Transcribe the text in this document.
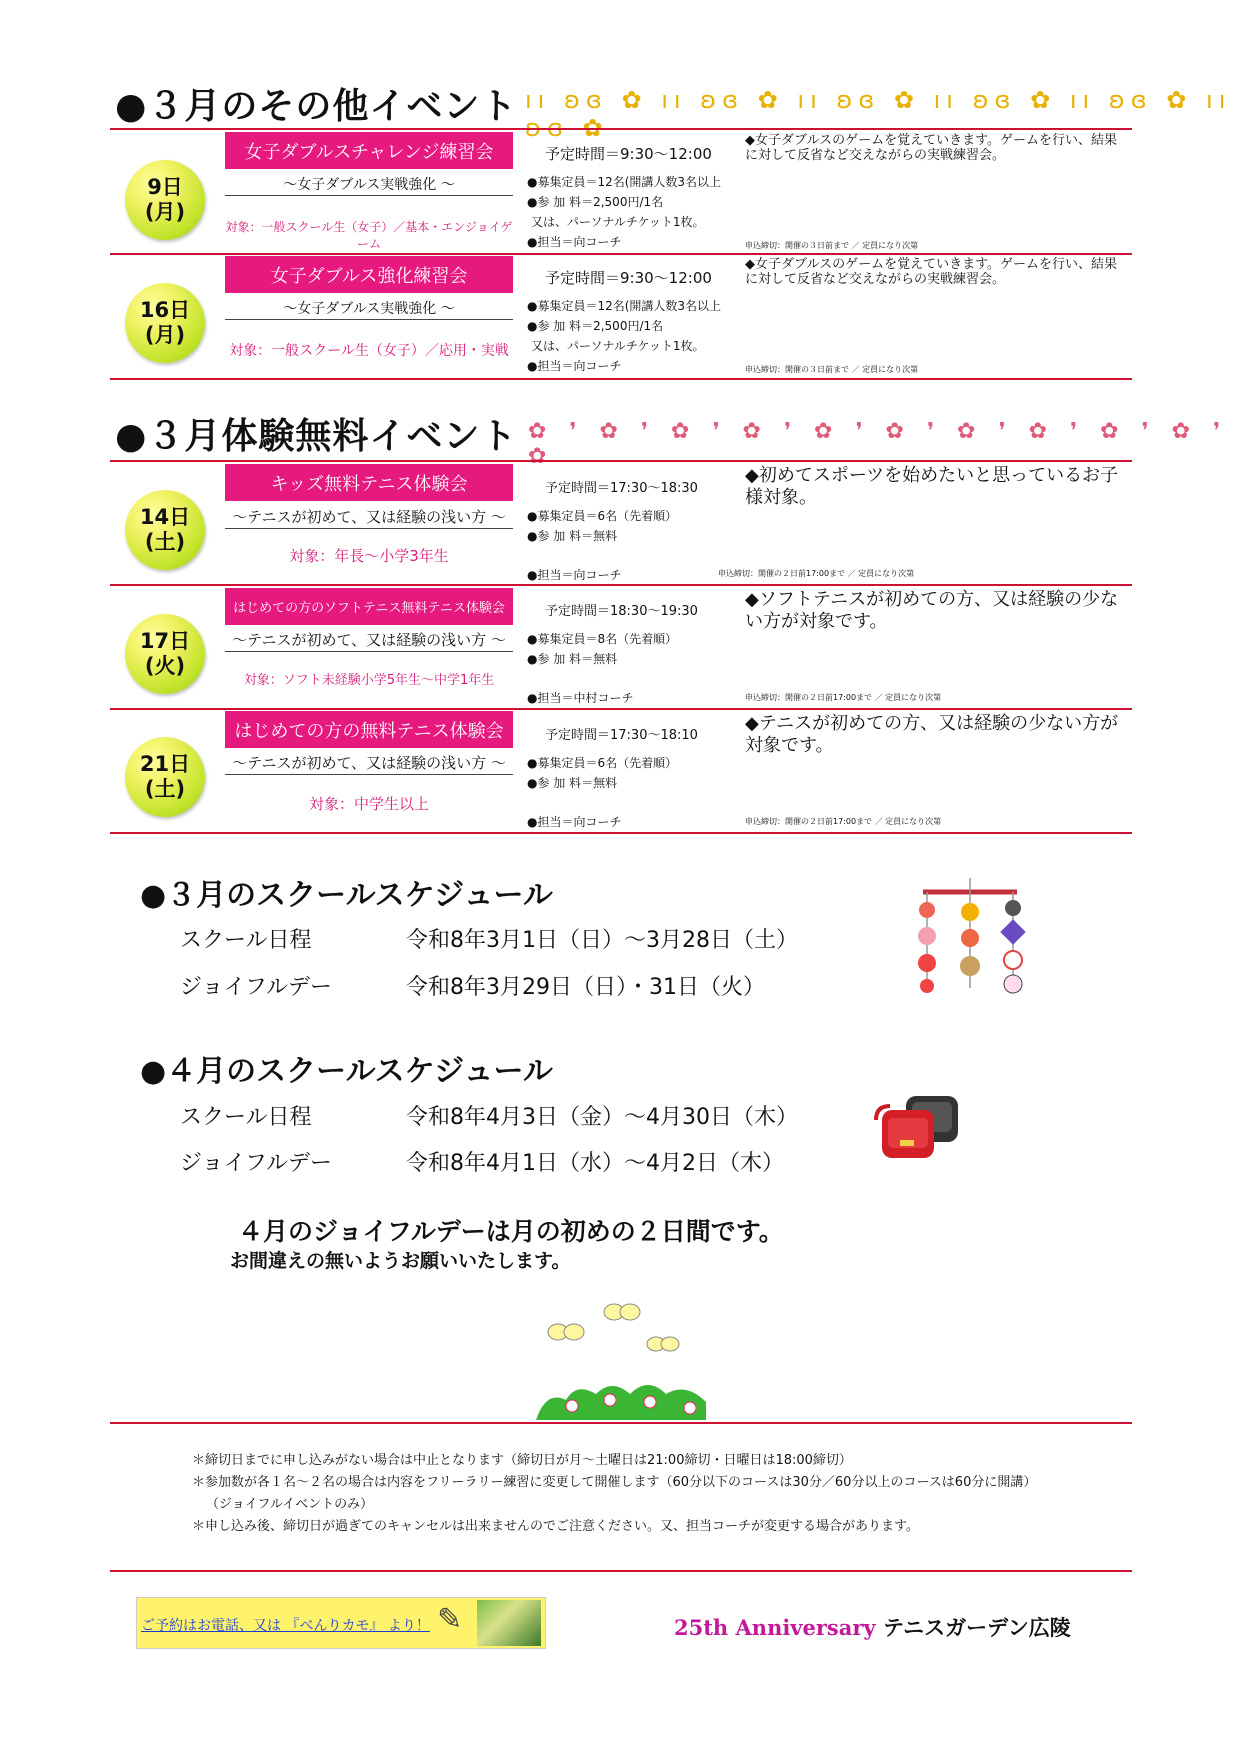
●３月のその他イベント ıı ʚɞ ✿ ıı ʚɞ ✿ ıı ʚɞ ✿ ıı ʚɞ ✿ ıı ʚɞ ✿ ıı ʚɞ ✿
9日
(月)
女子ダブルスチャレンジ練習会
～女子ダブルス実戦強化 ～
対象：一般スクール生（女子）／基本・エンジョイゲーム
予定時間＝9:30～12:00
●募集定員＝12名(開講人数3名以上
●参 加 料＝2,500円/1名
又は、パーソナルチケット1枚。
●担当＝向コーチ
◆女子ダブルスのゲームを覚えていきます。ゲームを行い、結果に対して反省など交えながらの実戦練習会。
申込締切：開催の３日前まで ／ 定員になり次第
16日
(月)
女子ダブルス強化練習会
～女子ダブルス実戦強化 ～
対象：一般スクール生（女子）／応用・実戦
予定時間＝9:30～12:00
●募集定員＝12名(開講人数3名以上
●参 加 料＝2,500円/1名
又は、パーソナルチケット1枚。
●担当＝向コーチ
◆女子ダブルスのゲームを覚えていきます。ゲームを行い、結果に対して反省など交えながらの実戦練習会。
申込締切：開催の３日前まで ／ 定員になり次第
●３月体験無料イベント ✿ ❜ ✿ ❜ ✿ ❜ ✿ ❜ ✿ ❜ ✿ ❜ ✿ ❜ ✿ ❜ ✿ ❜ ✿ ❜ ✿
14日
(土)
キッズ無料テニス体験会
～テニスが初めて、又は経験の浅い方 ～
対象：年長～小学3年生
予定時間＝17:30～18:30
●募集定員＝6名（先着順）
●参 加 料＝無料
●担当＝向コーチ
◆初めてスポーツを始めたいと思っているお子様対象。
申込締切：開催の２日前17:00まで ／ 定員になり次第
17日
(火)
はじめての方のソフトテニス無料テニス体験会
～テニスが初めて、又は経験の浅い方 ～
対象：ソフト未経験小学5年生～中学1年生
予定時間＝18:30～19:30
●募集定員＝8名（先着順）
●参 加 料＝無料
●担当＝中村コーチ
◆ソフトテニスが初めての方、又は経験の少ない方が対象です。
申込締切：開催の２日前17:00まで ／ 定員になり次第
21日
(土)
はじめての方の無料テニス体験会
～テニスが初めて、又は経験の浅い方 ～
対象：中学生以上
予定時間＝17:30～18:10
●募集定員＝6名（先着順）
●参 加 料＝無料
●担当＝向コーチ
◆テニスが初めての方、又は経験の少ない方が対象です。
申込締切：開催の２日前17:00まで ／ 定員になり次第
●３月のスクールスケジュール
スクール日程	令和8年3月1日（日）～3月28日（土）
ジョイフルデー	令和8年3月29日（日）・31日（火）
●４月のスクールスケジュール
スクール日程	令和8年4月3日（金）～4月30日（木）
ジョイフルデー	令和8年4月1日（水）～4月2日（木）
４月のジョイフルデーは月の初めの２日間です。
お間違えの無いようお願いいたします。
＊締切日までに申し込みがない場合は中止となります（締切日が月～土曜日は21:00締切・日曜日は18:00締切）
＊参加数が各１名～２名の場合は内容をフリーラリー練習に変更して開催します（60分以下のコースは30分／60分以上のコースは60分に開講）
（ジョイフルイベントのみ）
＊申し込み後、締切日が過ぎてのキャンセルは出来ませんのでご注意ください。又、担当コーチが変更する場合があります。
ご予約はお電話、又は 『べんりカモ』 より！ ✎	25th Anniversary テニスガーデン広陵
